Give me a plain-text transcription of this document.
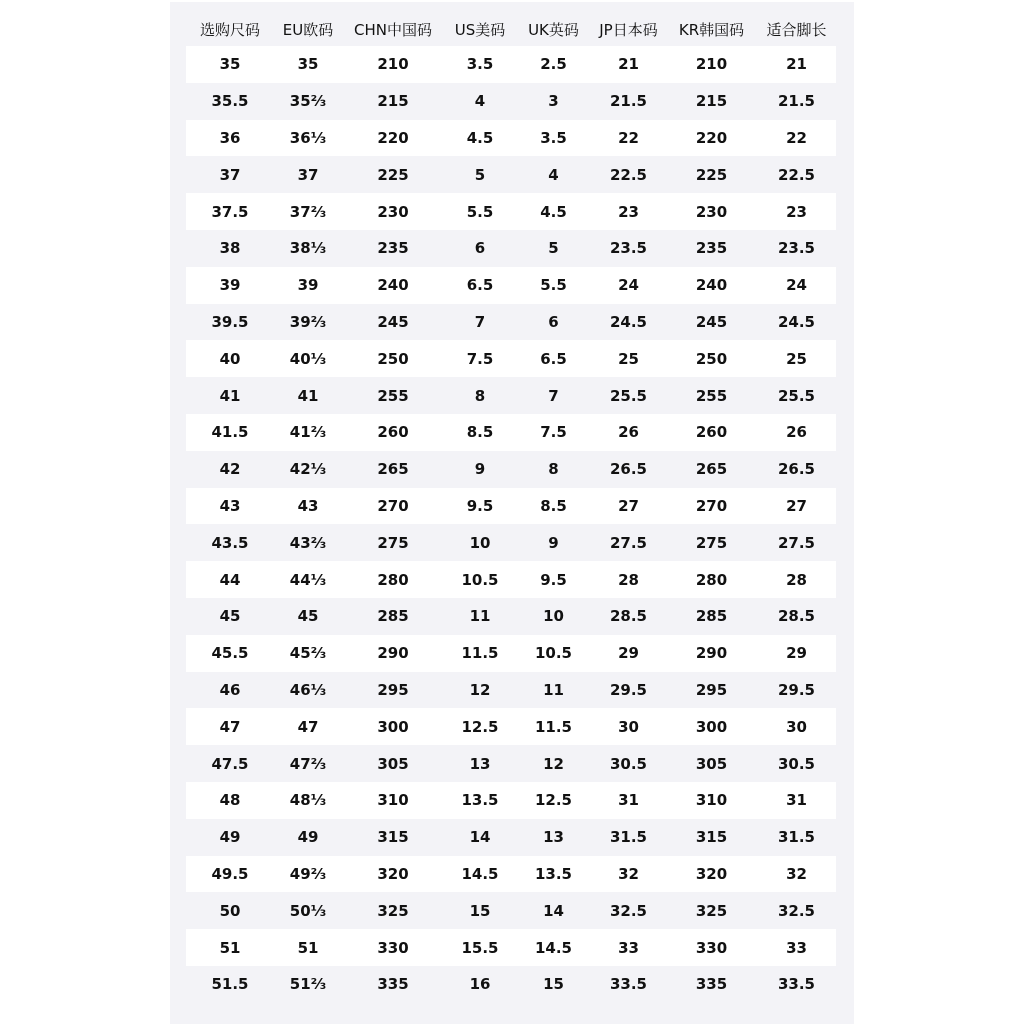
选购尺码	EU欧码	CHN中国码	US美码	UK英码	JP日本码	KR韩国码	适合脚长
35	35	210	3.5	2.5	21	210	21
35.5	35⅔	215	4	3	21.5	215	21.5
36	36⅓	220	4.5	3.5	22	220	22
37	37	225	5	4	22.5	225	22.5
37.5	37⅔	230	5.5	4.5	23	230	23
38	38⅓	235	6	5	23.5	235	23.5
39	39	240	6.5	5.5	24	240	24
39.5	39⅔	245	7	6	24.5	245	24.5
40	40⅓	250	7.5	6.5	25	250	25
41	41	255	8	7	25.5	255	25.5
41.5	41⅔	260	8.5	7.5	26	260	26
42	42⅓	265	9	8	26.5	265	26.5
43	43	270	9.5	8.5	27	270	27
43.5	43⅔	275	10	9	27.5	275	27.5
44	44⅓	280	10.5	9.5	28	280	28
45	45	285	11	10	28.5	285	28.5
45.5	45⅔	290	11.5	10.5	29	290	29
46	46⅓	295	12	11	29.5	295	29.5
47	47	300	12.5	11.5	30	300	30
47.5	47⅔	305	13	12	30.5	305	30.5
48	48⅓	310	13.5	12.5	31	310	31
49	49	315	14	13	31.5	315	31.5
49.5	49⅔	320	14.5	13.5	32	320	32
50	50⅓	325	15	14	32.5	325	32.5
51	51	330	15.5	14.5	33	330	33
51.5	51⅔	335	16	15	33.5	335	33.5
